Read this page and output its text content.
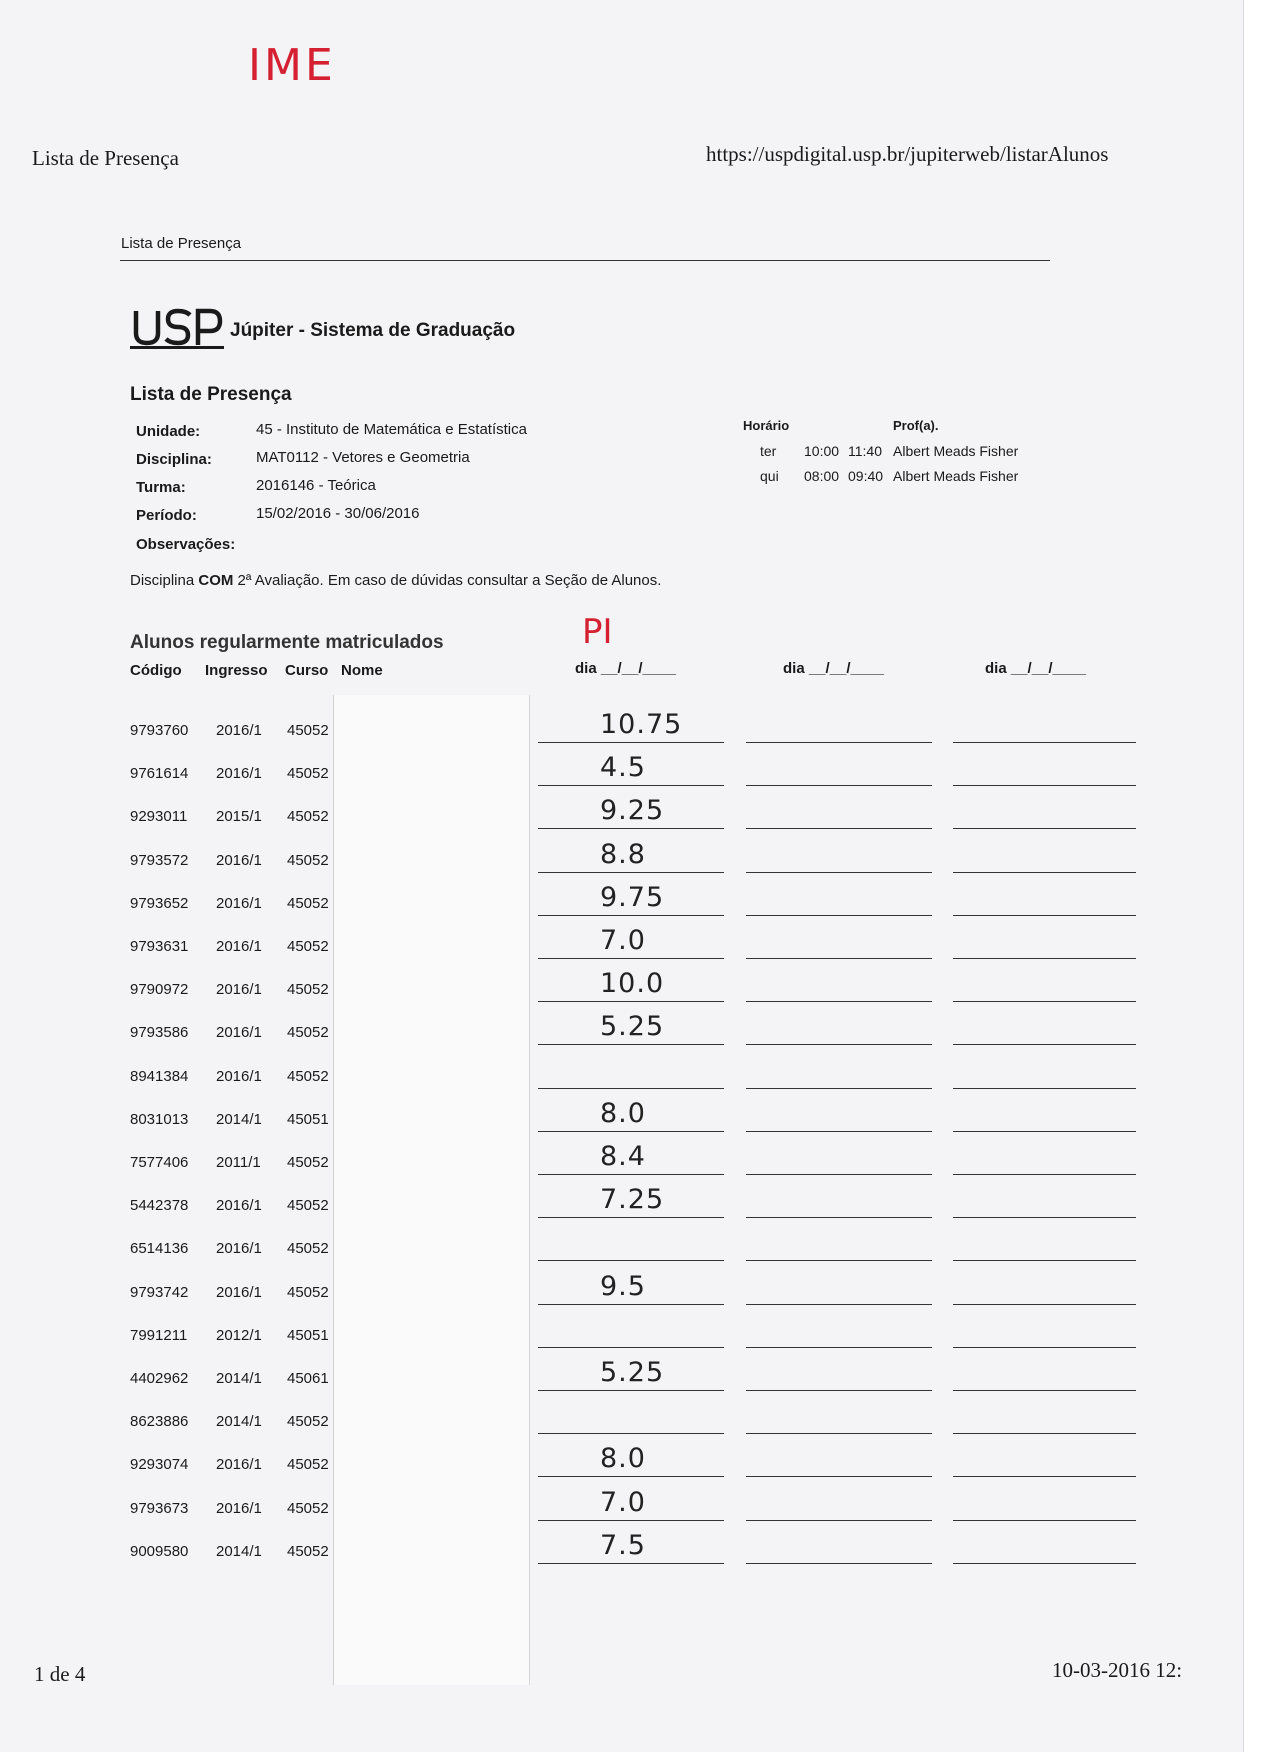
IME
Lista de Presença	https://uspdigital.usp.br/jupiterweb/listarAlunos
Lista de Presença
Júpiter - Sistema de Graduação
Lista de Presença
Unidade:	45 - Instituto de Matemática e Estatística
Disciplina:	MAT0112 - Vetores e Geometria
Turma:	2016146 - Teórica
Período:	15/02/2016 - 30/06/2016
Observações:
Horário	Prof(a).
ter 10:00 11:40 Albert Meads Fisher
qui 08:00 09:40 Albert Meads Fisher
Disciplina COM 2ª Avaliação. Em caso de dúvidas consultar a Seção de Alunos.
PI
Alunos regularmente matriculados
Código Ingresso Curso Nome	dia __/__/____	dia __/__/____	dia __/__/____
9793760 2016/1 45052	10.75
9761614 2016/1 45052	4.5
9293011 2015/1 45052	9.25
9793572 2016/1 45052	8.8
9793652 2016/1 45052	9.75
9793631 2016/1 45052	7.0
9790972 2016/1 45052	10.0
9793586 2016/1 45052	5.25
8941384 2016/1 45052
8031013 2014/1 45051	8.0
7577406 2011/1 45052	8.4
5442378 2016/1 45052	7.25
6514136 2016/1 45052
9793742 2016/1 45052	9.5
7991211 2012/1 45051
4402962 2014/1 45061	5.25
8623886 2014/1 45052
9293074 2016/1 45052	8.0
9793673 2016/1 45052	7.0
9009580 2014/1 45052	7.5
1 de 4	10-03-2016 12:
